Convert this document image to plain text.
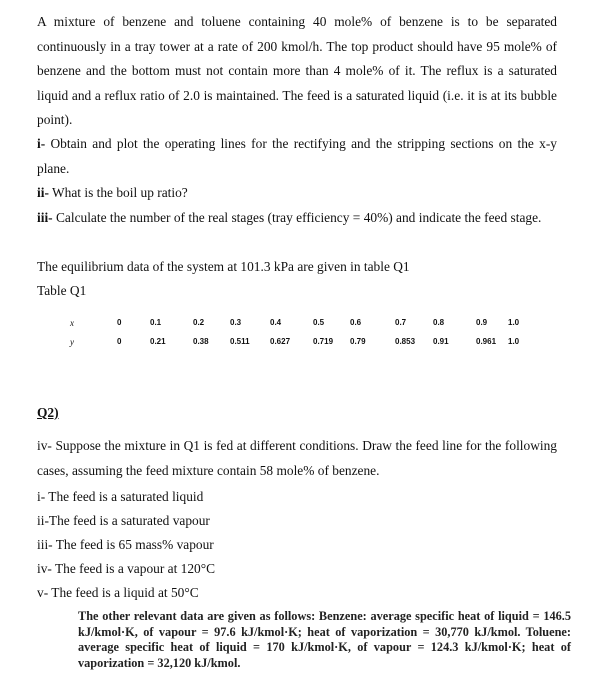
A mixture of benzene and toluene containing 40 mole% of benzene is to be separated continuously in a tray tower at a rate of 200 kmol/h. The top product should have 95 mole% of benzene and the bottom must not contain more than 4 mole% of it. The reflux is a saturated liquid and a reflux ratio of 2.0 is maintained. The feed is a saturated liquid (i.e. it is at its bubble point).
i- Obtain and plot the operating lines for the rectifying and the stripping sections on the x-y plane.
ii- What is the boil up ratio?
iii- Calculate the number of the real stages (tray efficiency = 40%) and indicate the feed stage.
The equilibrium data of the system at 101.3 kPa are given in table Q1
Table Q1
x	0	0.1	0.2	0.3	0.4	0.5	0.6	0.7	0.8	0.9	1.0
y	0	0.21	0.38	0.511	0.627	0.719 0.79	0.853 0.91	0.961 1.0
Q2)
iv- Suppose the mixture in Q1 is fed at different conditions. Draw the feed line for the following cases, assuming the feed mixture contain 58 mole% of benzene.
i- The feed is a saturated liquid
ii-The feed is a saturated vapour
iii- The feed is 65 mass% vapour
iv- The feed is a vapour at 120°C
v- The feed is a liquid at 50°C
The other relevant data are given as follows: Benzene: average specific heat of liquid = 146.5 kJ/kmol·K, of vapour = 97.6 kJ/kmol·K; heat of vaporization = 30,770 kJ/kmol. Toluene: average specific heat of liquid = 170 kJ/kmol·K, of vapour = 124.3 kJ/kmol·K; heat of vaporization = 32,120 kJ/kmol.
